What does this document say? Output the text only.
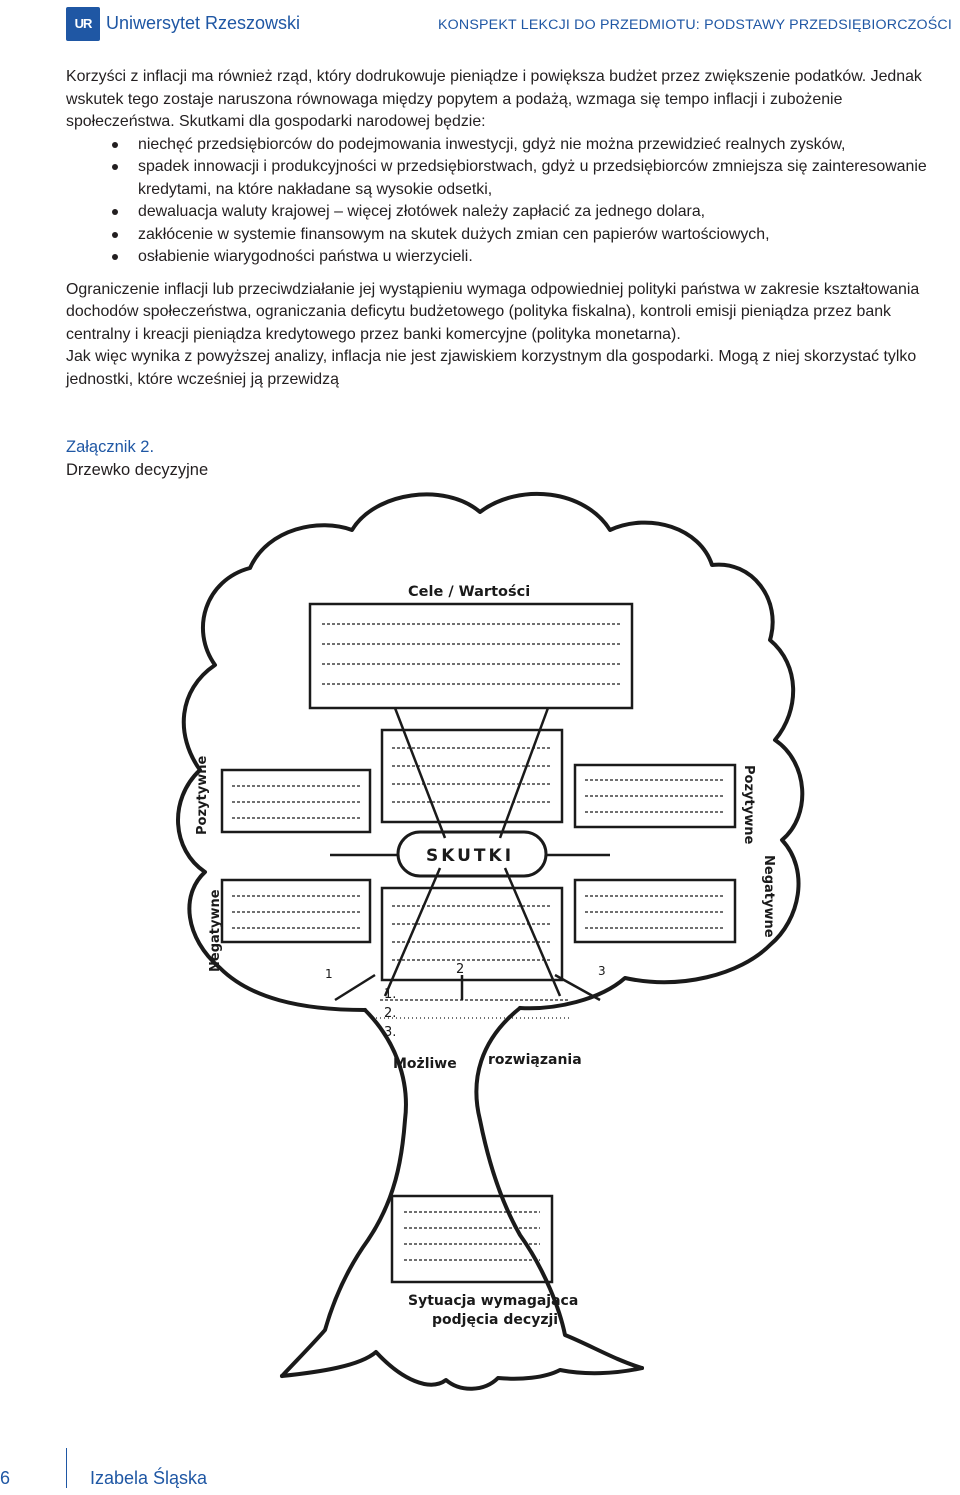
UR Uniwersytet Rzeszowski	KONSPEKT LEKCJI DO PRZEDMIOTU: PODSTAWY PRZEDSIĘBIORCZOŚCI

Korzyści z inflacji ma również rząd, który dodrukowuje pieniądze i powiększa budżet przez zwiększenie podatków. Jednak wskutek tego zostaje naruszona równowaga między popytem a podażą, wzmaga się tempo inflacji i zubożenie społeczeństwa. Skutkami dla gospodarki narodowej będzie:

niechęć przedsiębiorców do podejmowania inwestycji, gdyż nie można przewidzieć realnych zysków,
spadek innowacji i produkcyjności w przedsiębiorstwach, gdyż u przedsiębiorców zmniejsza się zainteresowanie kredytami, na które nakładane są wysokie odsetki,
dewaluacja waluty krajowej – więcej złotówek należy zapłacić za jednego dolara,
zakłócenie w systemie finansowym na skutek dużych zmian cen papierów wartościowych,
osłabienie wiarygodności państwa u wierzycieli.

Ograniczenie inflacji lub przeciwdziałanie jej wystąpieniu wymaga odpowiedniej polityki państwa w zakresie kształtowania dochodów społeczeństwa, ograniczania deficytu budżetowego (polityka fiskalna), kontroli emisji pieniądza przez bank centralny i kreacji pieniądza kredytowego przez banki komercyjne (polityka monetarna).

Jak więc wynika z powyższej analizy, inflacja nie jest zjawiskiem korzystnym dla gospodarki. Mogą z niej skorzystać tylko jednostki, które wcześniej ją przewidzą

Załącznik 2.
Drzewko decyzyjne
Cele / Wartości
SKUTKI
Pozytywne
Negatywne
Pozytywne
Negatywne
1	2	3
1.
2.
3.
Możliwe rozwiązania
Sytuacja wymagająca
podjęcia decyzji
6	Izabela Śląska
